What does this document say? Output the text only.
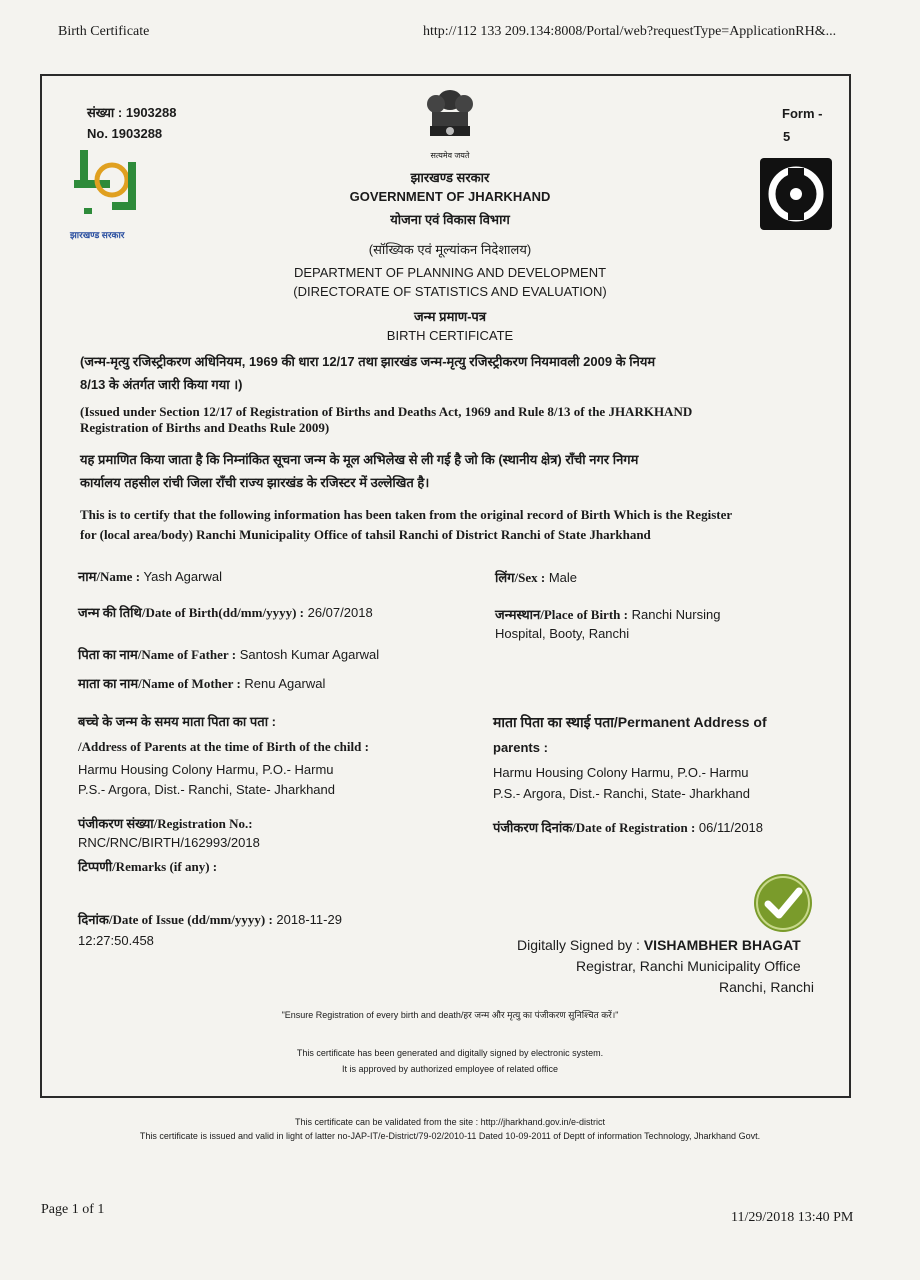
Birth Certificate	http://112 133 209.134:8008/Portal/web?requestType=ApplicationRH&...
संख्या : 1903288
No. 1903288
झारखण्ड सरकार
सत्यमेव जयते
Form -
5
झारखण्ड सरकार
GOVERNMENT OF JHARKHAND
योजना एवं विकास विभाग
(सॉख्यिक एवं मूल्यांकन निदेशालय)
DEPARTMENT OF PLANNING AND DEVELOPMENT
(DIRECTORATE OF STATISTICS AND EVALUATION)
जन्म प्रमाण-पत्र
BIRTH CERTIFICATE
(जन्म-मृत्यु रजिस्ट्रीकरण अधिनियम, 1969 की धारा 12/17 तथा झारखंड जन्म-मृत्यु रजिस्ट्रीकरण नियमावली 2009 के नियम
8/13 के अंतर्गत जारी किया गया ।)
(Issued under Section 12/17 of Registration of Births and Deaths Act, 1969 and Rule 8/13 of the JHARKHAND
Registration of Births and Deaths Rule 2009)
यह प्रमाणित किया जाता है कि निम्नांकित सूचना जन्म के मूल अभिलेख से ली गई है जो कि (स्थानीय क्षेत्र) राँची नगर निगम
कार्यालय तहसील रांची जिला राँची राज्य झारखंड के रजिस्टर में उल्लेखित है।
This is to certify that the following information has been taken from the original record of Birth Which is the Register
for (local area/body) Ranchi Municipality Office of tahsil Ranchi of District Ranchi of State Jharkhand
नाम/Name : Yash Agarwal
जन्म की तिथि/Date of Birth(dd/mm/yyyy) : 26/07/2018
पिता का नाम/Name of Father : Santosh Kumar Agarwal
माता का नाम/Name of Mother : Renu Agarwal
लिंग/Sex : Male
जन्मस्थान/Place of Birth : Ranchi Nursing
Hospital, Booty, Ranchi
बच्चे के जन्म के समय माता पिता का पता :
/Address of Parents at the time of Birth of the child :
Harmu Housing Colony Harmu, P.O.- Harmu
P.S.- Argora, Dist.- Ranchi, State- Jharkhand
माता पिता का स्थाई पता/Permanent Address of
parents :
Harmu Housing Colony Harmu, P.O.- Harmu
P.S.- Argora, Dist.- Ranchi, State- Jharkhand
पंजीकरण संख्या/Registration No.:
RNC/RNC/BIRTH/162993/2018
टिप्पणी/Remarks (if any) :
पंजीकरण दिनांक/Date of Registration : 06/11/2018
दिनांक/Date of Issue (dd/mm/yyyy) : 2018-11-29
12:27:50.458	Digitally Signed by : VISHAMBHER BHAGAT
Registrar, Ranchi Municipality Office
Ranchi, Ranchi
"Ensure Registration of every birth and death/हर जन्म और मृत्यु का पंजीकरण सुनिश्चित करें।"
This certificate has been generated and digitally signed by electronic system.
It is approved by authorized employee of related office
This certificate can be validated from the site : http://jharkhand.gov.in/e-district
This certificate is issued and valid in light of latter no-JAP-IT/e-District/79-02/2010-11 Dated 10-09-2011 of Deptt of information Technology, Jharkhand Govt.
Page 1 of 1
11/29/2018 13:40 PM
